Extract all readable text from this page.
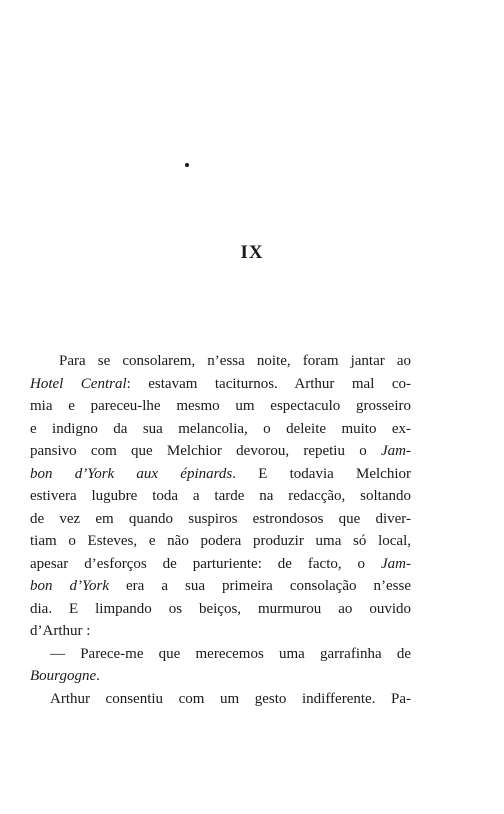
IX
Para se consolarem, n’essa noite, foram jantar ao
Hotel Central: estavam taciturnos. Arthur mal co-
mia e pareceu-lhe mesmo um espectaculo grosseiro
e indigno da sua melancolia, o deleite muito ex-
pansivo com que Melchior devorou, repetiu o Jam-
bon d’York aux épinards. E todavia Melchior
estivera lugubre toda a tarde na redacção, soltando
de vez em quando suspiros estrondosos que diver-
tiam o Esteves, e não podera produzir uma só local,
apesar d’esforços de parturiente: de facto, o Jam-
bon d’York era a sua primeira consolação n’esse
dia. E limpando os beiços, murmurou ao ouvido
d’Arthur :
— Parece-me que merecemos uma garrafinha de
Bourgogne.
Arthur consentiu com um gesto indifferente. Pa-
